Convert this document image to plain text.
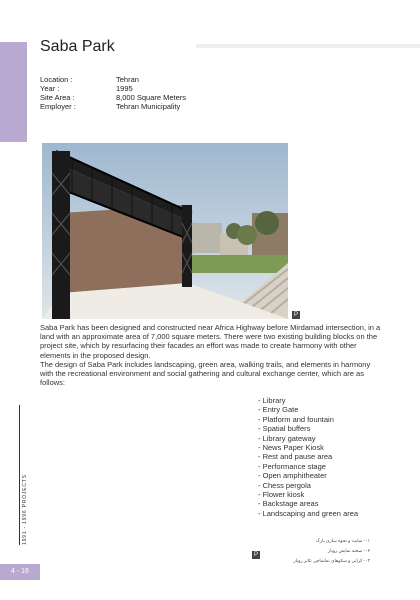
Saba Park
Location :	Tehran
Year :	1995
Site Area :	8,000 Square Meters
Employer :	Tehran Municipality
P

Saba Park has been designed and constructed near Africa Highway before Mirdamad intersection, in a land with an approximate area of 7,000 square meters. There were two existing building blocks on the project site, which by resurfacing their facades an effort was made to create harmony with other elements in the proposed design.

The design of Saba Park includes landscaping, green area, walking trails, and elements in harmony with the recreational environment and social gathering and cultural exchange center, which are as follows:

- Library
- Entry Gate
- Platform and fountain
- Spatial buffers
- Library gateway
- News Paper Kiosk
- Rest and pause area
- Performance stage
- Open amphitheater
- Chess pergola
- Flower kiosk
- Backstage areas
- Landscaping and green area
۰۱- سایت و نحوه سازی پارک
۰۲- صحنه نمایش روباز
۰۳- کرانی و سکوهای تماشاچی تئاتر روباز
P
1991 - 1996 PROJECTS
4 - 16
